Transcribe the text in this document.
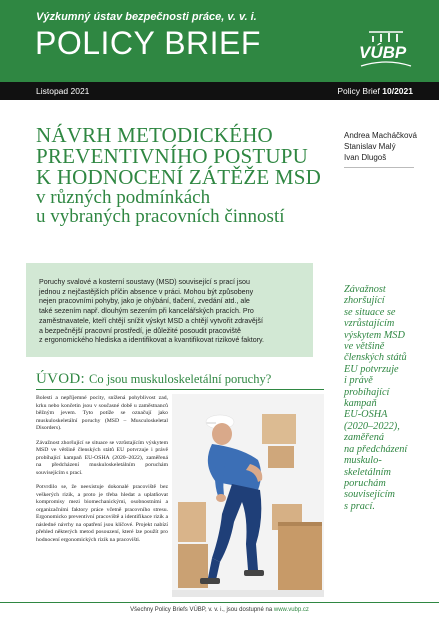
Výzkumný ústav bezpečnosti práce, v. v. i.
POLICY BRIEF	VÚBP
Listopad 2021	Policy Brief 10/2021
NÁVRH METODICKÉHO
PREVENTIVNÍHO POSTUPU
K HODNOCENÍ ZÁTĚŽE MSD
v různých podmínkách
u vybraných pracovních činností
Andrea Macháčková
Stanislav Malý
Ivan Dlugoš
Poruchy svalové a kosterní soustavy (MSD) související s prací jsou
jednou z nejčastějších příčin absence v práci. Mohou být způsobeny
nejen pracovními pohyby, jako je ohýbání, tlačení, zvedání atd., ale
také sezením např. dlouhým sezením při kancelářských pracích. Pro
zaměstnavatele, kteří chtějí snížit výskyt MSD a chtějí vytvořit zdravější
a bezpečnější pracovní prostředí, je důležité posoudit pracoviště
z ergonomického hlediska a identifikovat a kvantifikovat rizikové faktory.
Závažnost
zhoršující
se situace se
vzrůstajícím
výskytem MSD
ve většině
členských států
EU potvrzuje
i právě
probíhající
kampaň
EU-OSHA
(2020–2022),
zaměřená
na předcházení
muskulo-
skeletálním
poruchám
souvisejícím
s prací.
ÚVOD: Co jsou muskuloskeletální poruchy?

Bolesti a nepříjemné pocity, snížená pohyblivost zad, krku nebo končetin jsou v současné době u zaměstnanců běžným jevem. Tyto potíže se označují jako muskuloskeletální poruchy (MSD – Musculoskeletal Disorders).

Závažnost zhoršující se situace se vzrůstajícím výskytem MSD ve většině členských států EU potvrzuje i právě probíhající kampaň EU-OSHA (2020–2022), zaměřená na předcházení muskuloskeletálním poruchám souvisejícím s prací.

Potvrdilo se, že neexistuje dokonalé pracoviště bez veškerých rizik, a proto je třeba hledat a uplatňovat kompromisy mezi biomechanickými, osobnostními a organizačními faktory práce včetně pracovního stresu. Ergonomicko preventivní pracoviště a identifikace rizik a následné návrhy na opatření jsou klíčové. Projekt nabízí přehled některých metod posouzení, které lze použít pro hodnocení ergonomických rizik na pracovišti.

Všechny Policy Briefs VÚBP, v. v. i., jsou dostupné na www.vubp.cz
